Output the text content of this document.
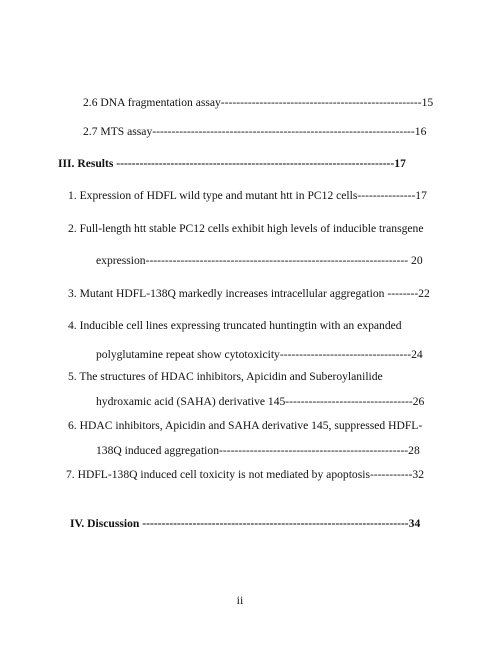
2.6 DNA fragmentation assay----------------------------------------------------15
2.7 MTS assay--------------------------------------------------------------------16
III. Results ------------------------------------------------------------------------17
1. Expression of HDFL wild type and mutant htt in PC12 cells---------------17
2. Full-length htt stable PC12 cells exhibit high levels of inducible transgene
expression-------------------------------------------------------------------- 20
3. Mutant HDFL-138Q markedly increases intracellular aggregation --------22
4. Inducible cell lines expressing truncated huntingtin with an expanded
polyglutamine repeat show cytotoxicity----------------------------------24
5. The structures of HDAC inhibitors, Apicidin and Suberoylanilide
hydroxamic acid (SAHA) derivative 145---------------------------------26
6. HDAC inhibitors, Apicidin and SAHA derivative 145, suppressed HDFL-
138Q induced aggregation-------------------------------------------------28
7. HDFL-138Q induced cell toxicity is not mediated by apoptosis-----------32
IV. Discussion ---------------------------------------------------------------------34
ii
